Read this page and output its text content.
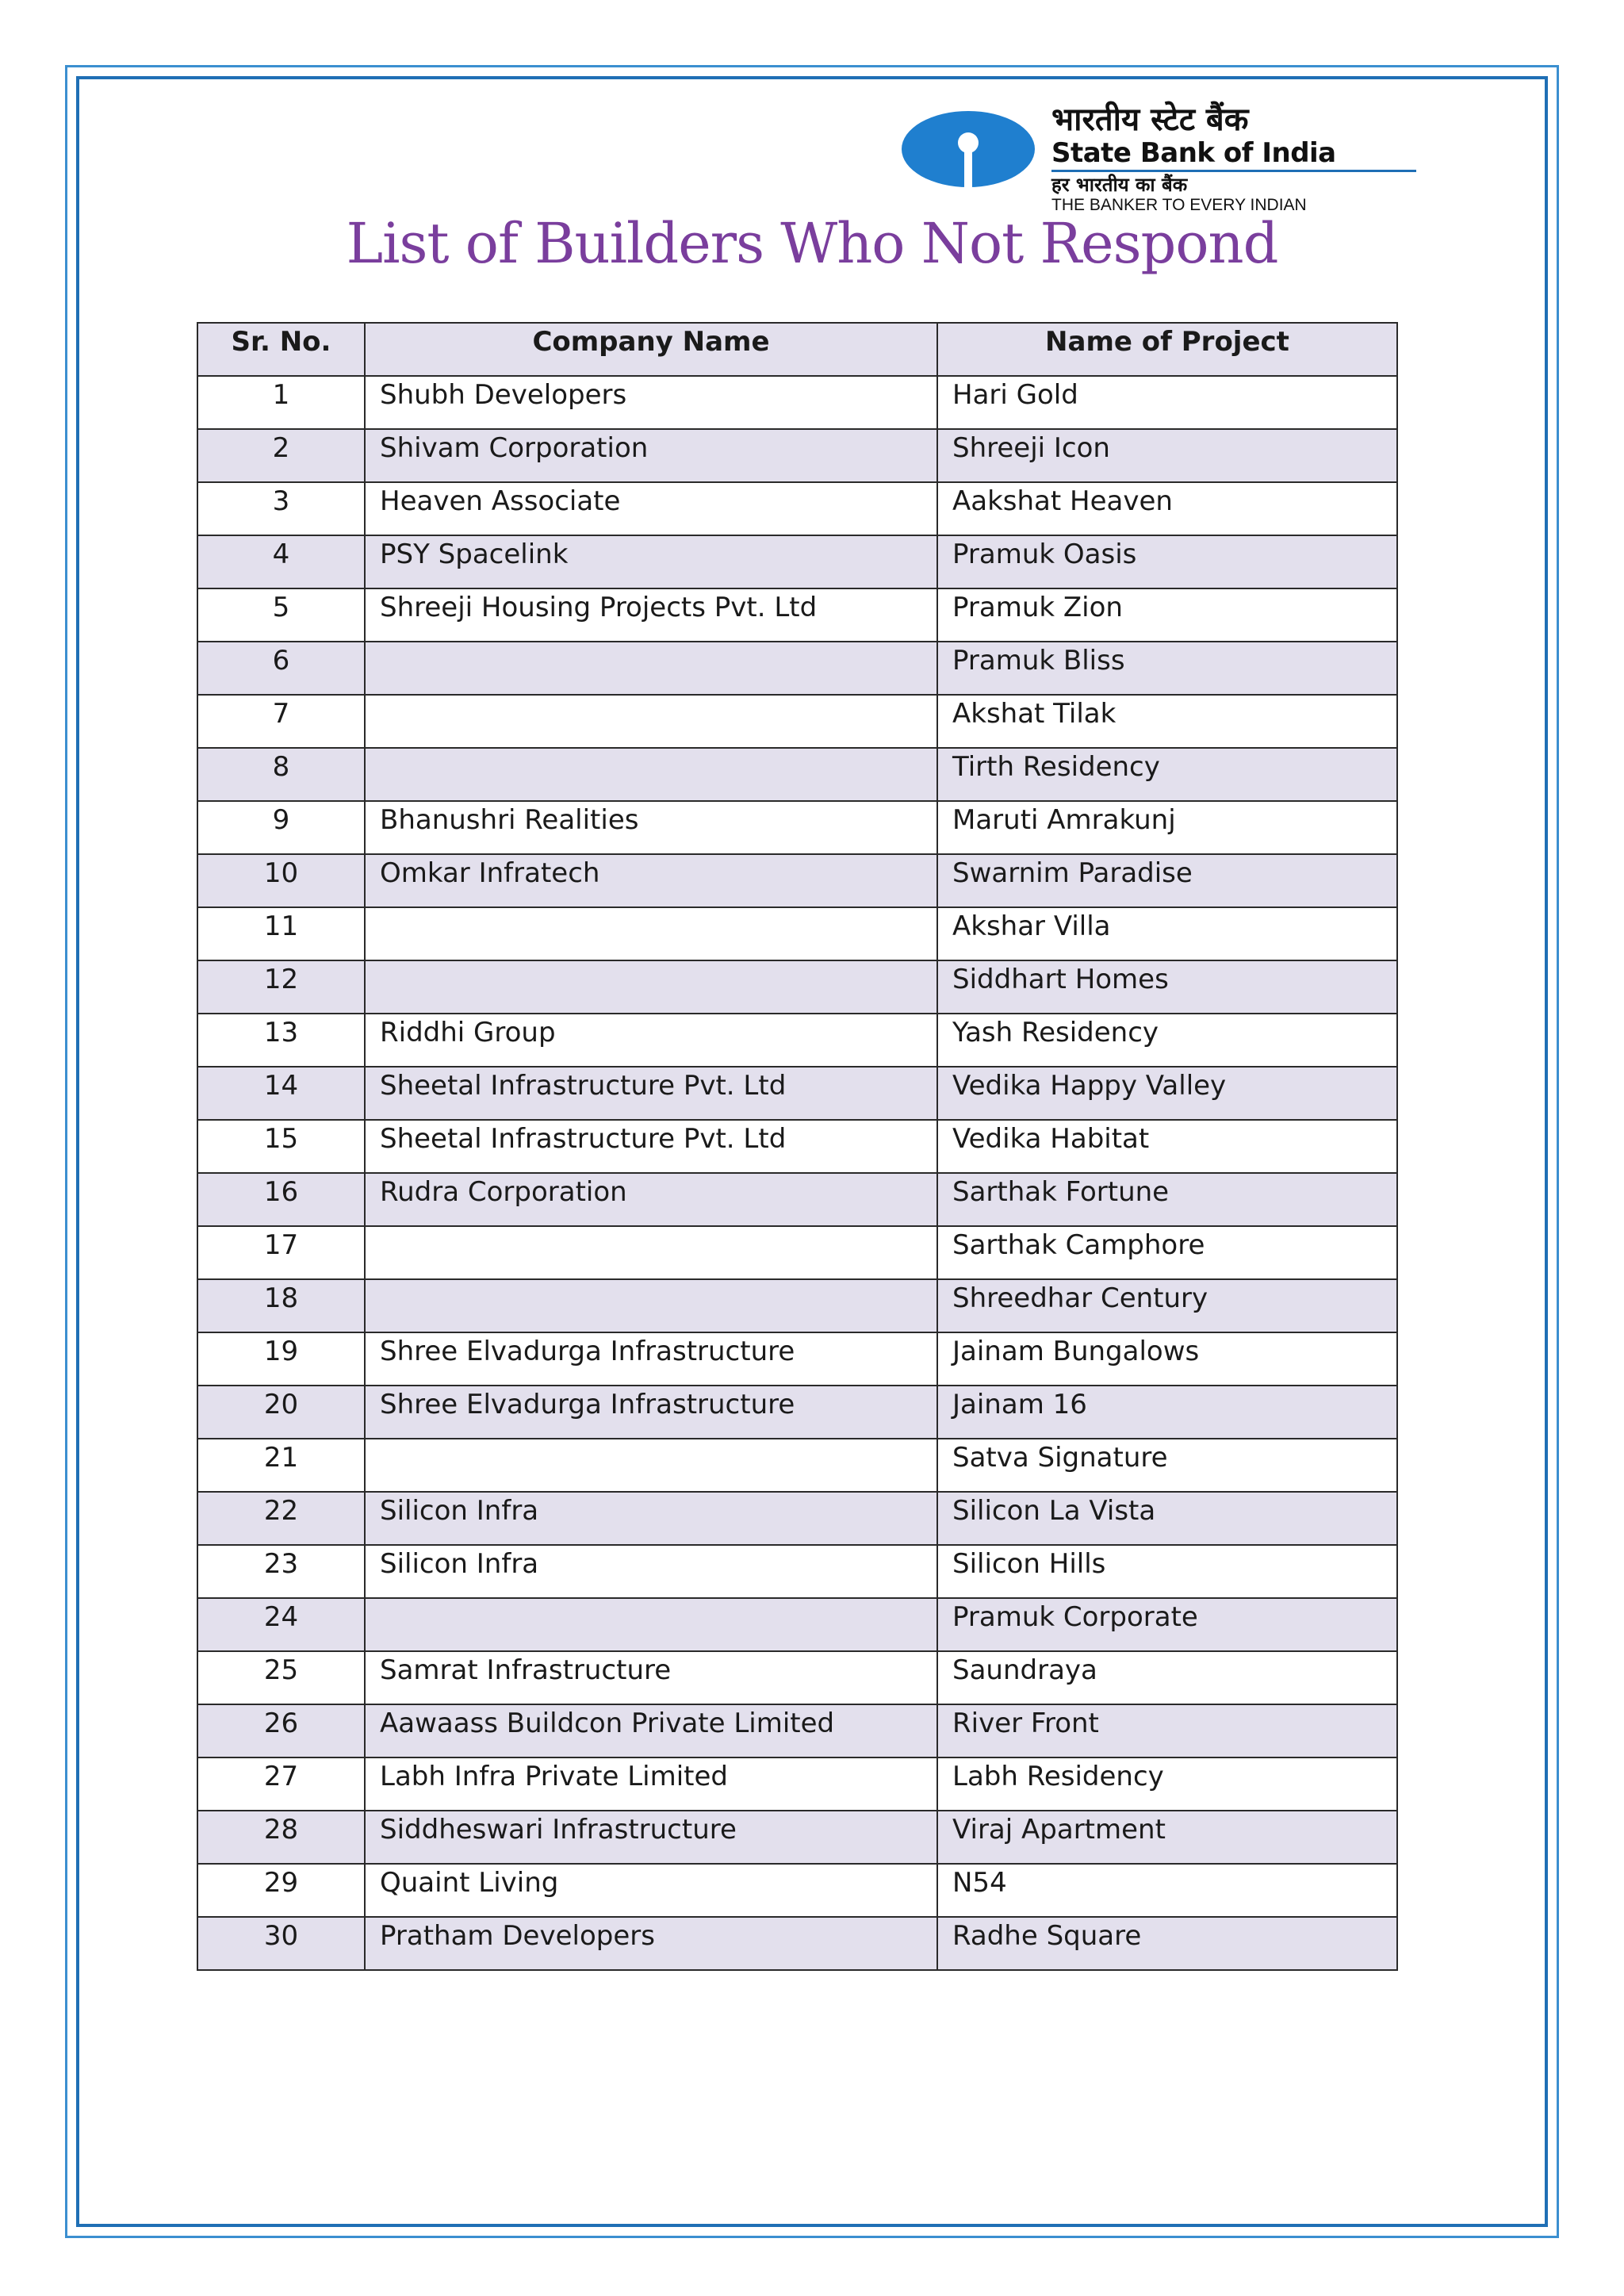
भारतीय स्टेट बैंक
State Bank of India
हर भारतीय का बैंक
THE BANKER TO EVERY INDIAN
List of Builders Who Not Respond
Sr. No.	Company Name	Name of Project
1	Shubh Developers	Hari Gold
2	Shivam Corporation	Shreeji Icon
3	Heaven Associate	Aakshat Heaven
4	PSY Spacelink	Pramuk Oasis
5	Shreeji Housing Projects Pvt. Ltd	Pramuk Zion
6		Pramuk Bliss
7		Akshat Tilak
8		Tirth Residency
9	Bhanushri Realities	Maruti Amrakunj
10	Omkar Infratech	Swarnim Paradise
11		Akshar Villa
12		Siddhart Homes
13	Riddhi Group	Yash Residency
14	Sheetal Infrastructure Pvt. Ltd	Vedika Happy Valley
15	Sheetal Infrastructure Pvt. Ltd	Vedika Habitat
16	Rudra Corporation	Sarthak Fortune
17		Sarthak Camphore
18		Shreedhar Century
19	Shree Elvadurga Infrastructure	Jainam Bungalows
20	Shree Elvadurga Infrastructure	Jainam 16
21		Satva Signature
22	Silicon Infra	Silicon La Vista
23	Silicon Infra	Silicon Hills
24		Pramuk Corporate
25	Samrat Infrastructure	Saundraya
26	Aawaass Buildcon Private Limited	River Front
27	Labh Infra Private Limited	Labh Residency
28	Siddheswari Infrastructure	Viraj Apartment
29	Quaint Living	N54
30	Pratham Developers	Radhe Square
